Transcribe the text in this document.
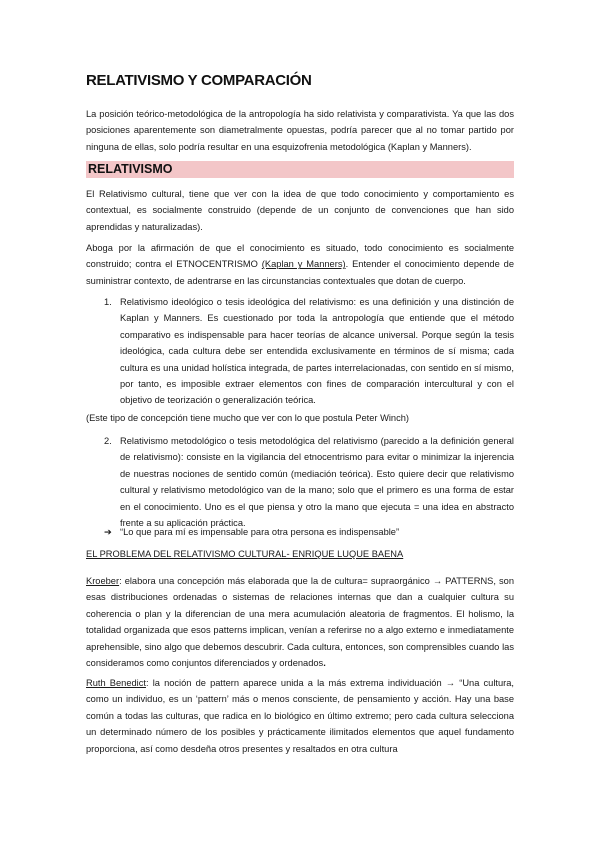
RELATIVISMO Y COMPARACIÓN

La posición teórico-metodológica de la antropología ha sido relativista y comparativista. Ya que las dos posiciones aparentemente son diametralmente opuestas, podría parecer que al no tomar partido por ninguna de ellas, solo podría resultar en una esquizofrenia metodológica (Kaplan y Manners).

RELATIVISMO

El Relativismo cultural, tiene que ver con la idea de que todo conocimiento y comportamiento es contextual, es socialmente construido (depende de un conjunto de convenciones que han sido aprendidas y naturalizadas).

Aboga por la afirmación de que el conocimiento es situado, todo conocimiento es socialmente construido; contra el ETNOCENTRISMO (Kaplan y Manners). Entender el conocimiento depende de suministrar contexto, de adentrarse en las circunstancias contextuales que dotan de cuerpo.

1. Relativismo ideológico o tesis ideológica del relativismo: es una definición y una distinción de Kaplan y Manners. Es cuestionado por toda la antropología que entiende que el método comparativo es indispensable para hacer teorías de alcance universal. Porque según la tesis ideológica, cada cultura debe ser entendida exclusivamente en términos de sí misma; cada cultura es una unidad holística integrada, de partes interrelacionadas, con sentido en sí mismo, por tanto, es imposible extraer elementos con fines de comparación intercultural y con el objetivo de teorización o generalización teórica.

(Este tipo de concepción tiene mucho que ver con lo que postula Peter Winch)

2. Relativismo metodológico o tesis metodológica del relativismo (parecido a la definición general de relativismo): consiste en la vigilancia del etnocentrismo para evitar o minimizar la injerencia de nuestras nociones de sentido común (mediación teórica). Esto quiere decir que relativismo cultural y relativismo metodológico van de la mano; solo que el primero es una forma de estar en el conocimiento. Uno es el que piensa y otro la mano que ejecuta = una idea en abstracto frente a su aplicación práctica.
➔ “Lo que para mí es impensable para otra persona es indispensable”
EL PROBLEMA DEL RELATIVISMO CULTURAL- ENRIQUE LUQUE BAENA

Kroeber: elabora una concepción más elaborada que la de cultura= supraorgánico → PATTERNS, son esas distribuciones ordenadas o sistemas de relaciones internas que dan a cualquier cultura su coherencia o plan y la diferencian de una mera acumulación aleatoria de fragmentos. El holismo, la totalidad organizada que esos patterns implican, venían a referirse no a algo externo e inmediatamente aprehensible, sino algo que debemos descubrir. Cada cultura, entonces, son comprensibles cuando las consideramos como conjuntos diferenciados y ordenados.

Ruth Benedict: la noción de pattern aparece unida a la más extrema individuación → “Una cultura, como un individuo, es un ‘pattern’ más o menos consciente, de pensamiento y acción. Hay una base común a todas las culturas, que radica en lo biológico en último extremo; pero cada cultura selecciona un determinado número de los posibles y prácticamente ilimitados elementos que aquel fundamento proporciona, así como desdeña otros presentes y resaltados en otra cultura
